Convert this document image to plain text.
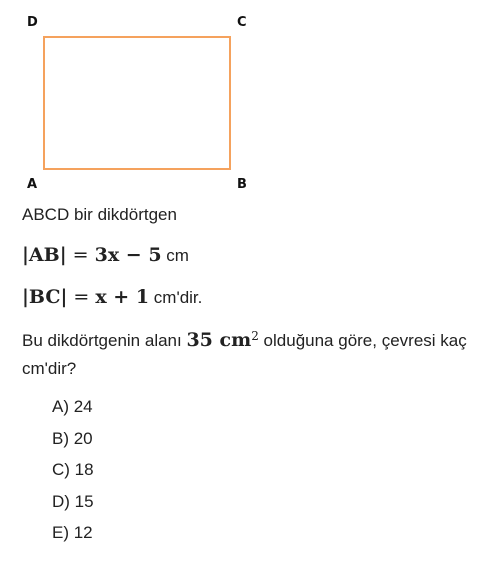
D	C
A	B
ABCD bir dikdörtgen
|AB| = 3x − 5 cm
|BC| = x + 1 cm'dir.
Bu dikdörtgenin alanı 35 $cm^2$ olduğuna göre, çevresi kaç cm'dir?
A) 24
B) 20
C) 18
D) 15
E) 12
